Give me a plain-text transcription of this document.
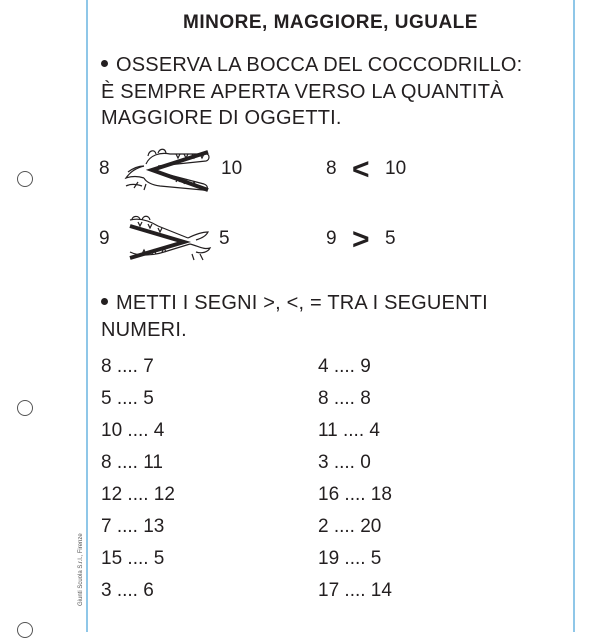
MINORE, MAGGIORE, UGUALE
OSSERVA LA BOCCA DEL COCCODRILLO:
È SEMPRE APERTA VERSO LA QUANTITÀ
MAGGIORE DI OGGETTI.
8	10	8 < 10
9	5	9 > 5
METTI I SEGNI >, <, = TRA I SEGUENTI
NUMERI.
8 .... 7
5 .... 5
10 .... 4
8 .... 11
12 .... 12
7 .... 13
15 .... 5
3 .... 6
4 .... 9
8 .... 8
11 .... 4
3 .... 0
16 .... 18
2 .... 20
19 .... 5
17 .... 14
Giunti Scuola S.r.l., Firenze
